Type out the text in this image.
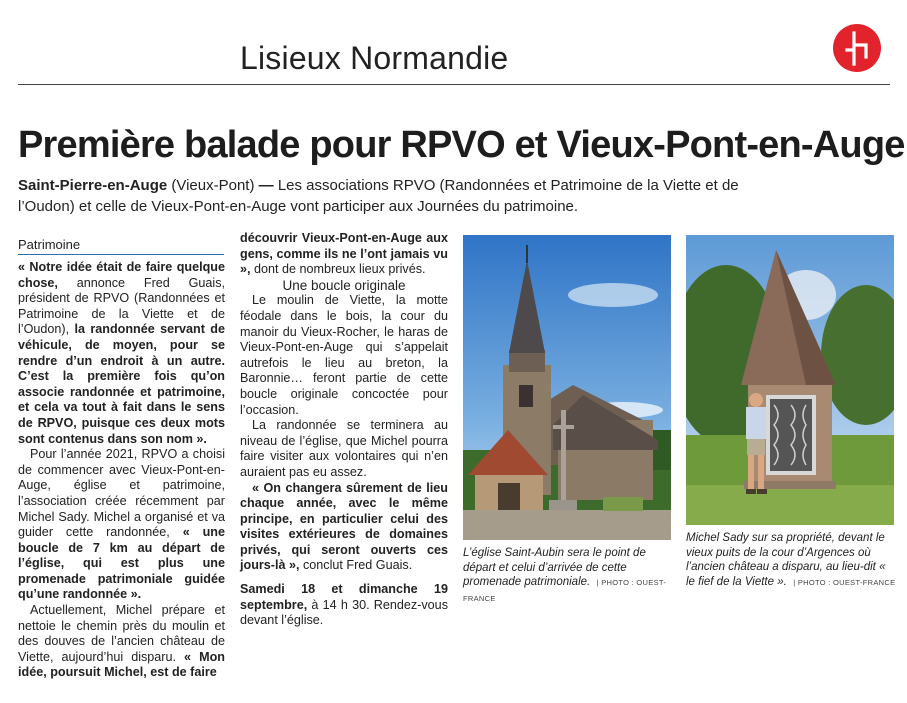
Lisieux Normandie
Première balade pour RPVO et Vieux-Pont-en-Auge
Saint-Pierre-en-Auge (Vieux-Pont) — Les associations RPVO (Randonnées et Patrimoine de la Viette et de l’Oudon) et celle de Vieux-Pont-en-Auge vont participer aux Journées du patrimoine.
Patrimoine

« Notre idée était de faire quelque chose, annonce Fred Guais, président de RPVO (Randonnées et Patrimoine de la Viette et de l’Oudon), la randonnée servant de véhicule, de moyen, pour se rendre d’un endroit à un autre. C’est la première fois qu’on associe randonnée et patrimoine, et cela va tout à fait dans le sens de RPVO, puisque ces deux mots sont contenus dans son nom ».

Pour l’année 2021, RPVO a choisi de commencer avec Vieux-Pont-en-Auge, église et patrimoine, l’association créée récemment par Michel Sady. Michel a organisé et va guider cette randonnée, « une boucle de 7 km au départ de l’église, qui est plus une promenade patrimoniale guidée qu’une randonnée ».

Actuellement, Michel prépare et nettoie le chemin près du moulin et des douves de l’ancien château de Viette, aujourd’hui disparu. « Mon idée, poursuit Michel, est de faire

découvrir Vieux-Pont-en-Auge aux gens, comme ils ne l’ont jamais vu », dont de nombreux lieux privés.

Une boucle originale

Le moulin de Viette, la motte féodale dans le bois, la cour du manoir du Vieux-Rocher, le haras de Vieux-Pont-en-Auge qui s’appelait autrefois le lieu au breton, la Baronnie… feront partie de cette boucle originale concoctée pour l’occasion.

La randonnée se terminera au niveau de l’église, que Michel pourra faire visiter aux volontaires qui n’en auraient pas eu assez.

« On changera sûrement de lieu chaque année, avec le même principe, en particulier celui des visites extérieures de domaines privés, qui seront ouverts ces jours-là », conclut Fred Guais.

Samedi 18 et dimanche 19 septembre, à 14 h 30. Rendez-vous devant l’église.

L’église Saint-Aubin sera le point de départ et celui d’arrivée de cette promenade patrimoniale. | PHOTO : OUEST-FRANCE
Michel Sady sur sa propriété, devant le vieux puits de la cour d’Argences où l’ancien château a disparu, au lieu-dit « le fief de la Viette ». | PHOTO : OUEST-FRANCE
